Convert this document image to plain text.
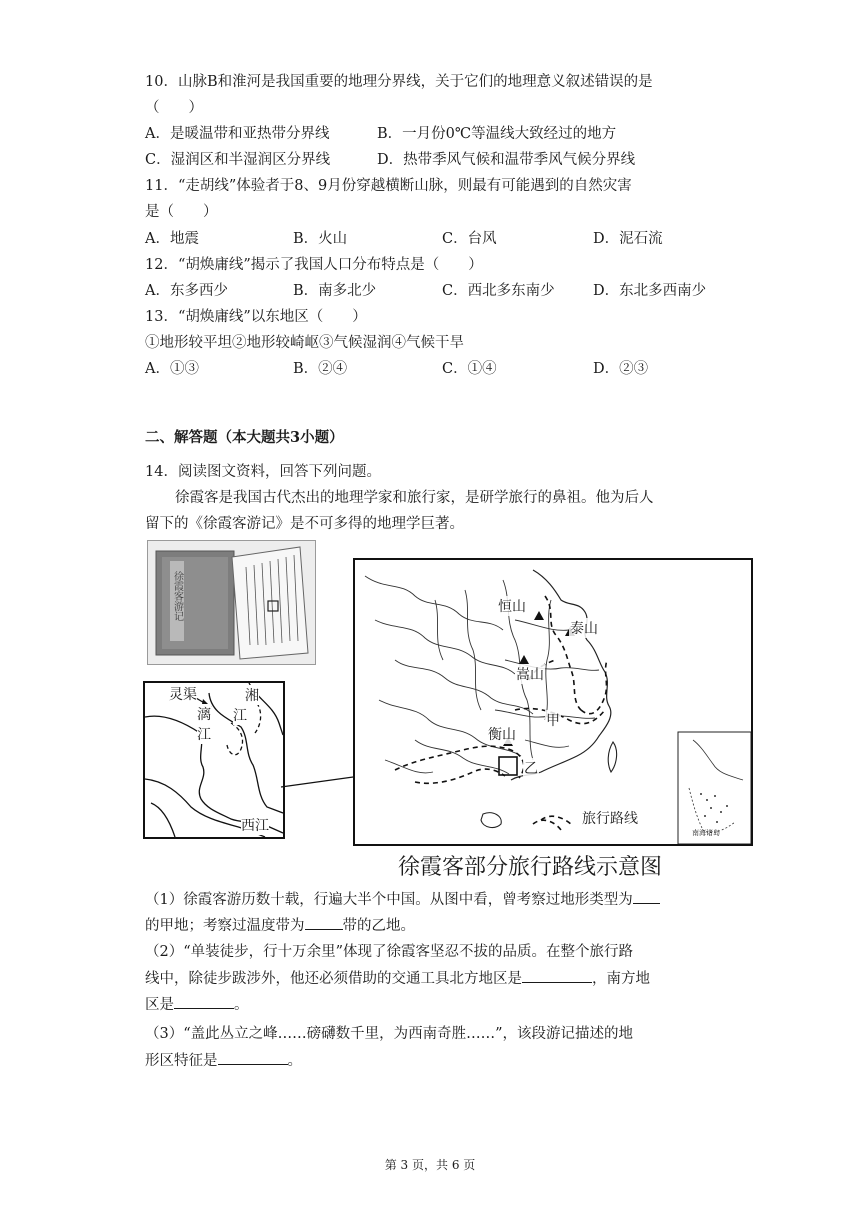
10．山脉B和淮河是我国重要的地理分界线，关于它们的地理意义叙述错误的是
（　　）
A．是暖温带和亚热带分界线	B．一月份0℃等温线大致经过的地方
C．湿润区和半湿润区分界线	D．热带季风气候和温带季风气候分界线
11．“走胡线”体验者于8、9月份穿越横断山脉，则最有可能遇到的自然灾害
是（　　）
A．地震	B．火山	C．台风	D．泥石流
12．“胡焕庸线”揭示了我国人口分布特点是（　　）
A．东多西少	B．南多北少	C．西北多东南少	D．东北多西南少
13．“胡焕庸线”以东地区（　　）
①地形较平坦②地形较崎岖③气候湿润④气候干旱
A．①③	B．②④	C．①④	D．②③
二、解答题（本大题共3小题）
14．阅读图文资料，回答下列问题。
徐霞客是我国古代杰出的地理学家和旅行家，是研学旅行的鼻祖。他为后人
留下的《徐霞客游记》是不可多得的地理学巨著。
徐霞客游记
灵渠
漓
江
湘
江
西江
恒山
泰山
嵩山
甲
衡山
乙
旅行路线
南海诸岛
徐霞客部分旅行路线示意图
（1）徐霞客游历数十载，行遍大半个中国。从图中看，曾考察过地形类型为
的甲地；考察过温度带为	带的乙地。
（2）“单装徒步，行十万余里”体现了徐霞客坚忍不拔的品质。在整个旅行路
线中，除徒步跋涉外，他还必须借助的交通工具北方地区是	，南方地
区是	。
（3）“盖此丛立之峰……磅礴数千里，为西南奇胜……”，该段游记描述的地
形区特征是	。
第 3 页，共 6 页
